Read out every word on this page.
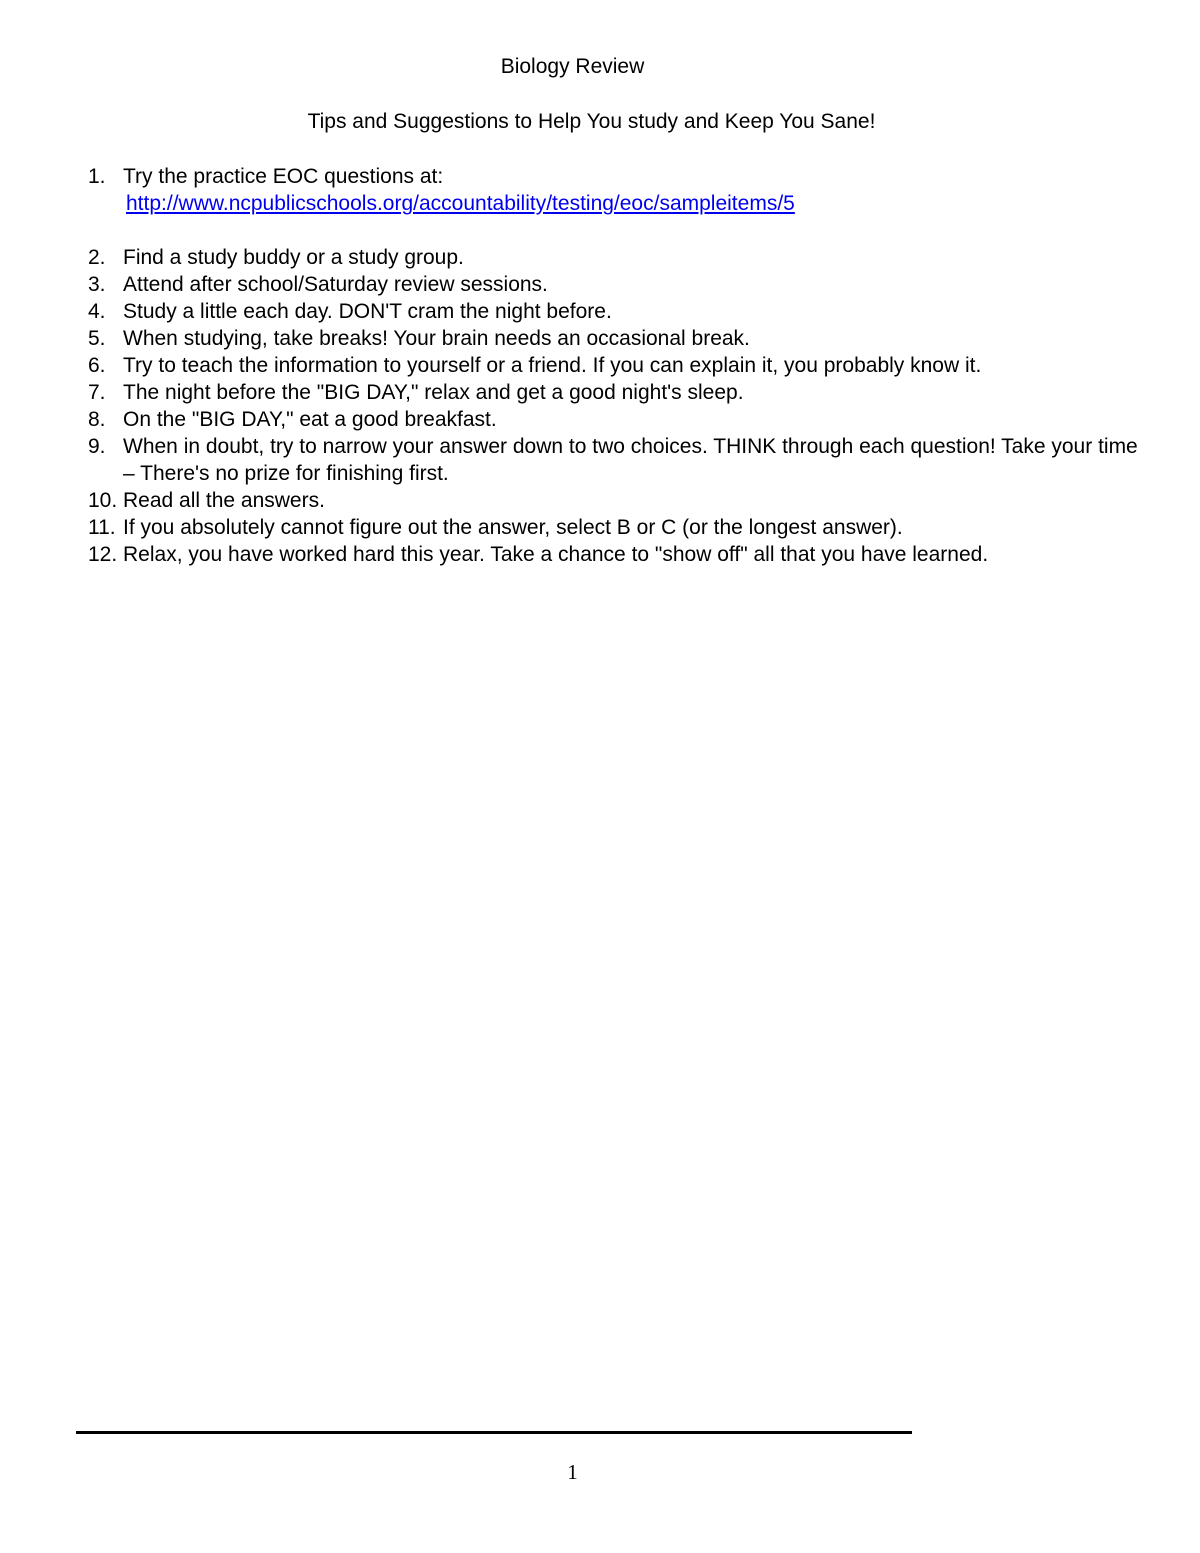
Biology Review
Tips and Suggestions to Help You study and Keep You Sane!
1. Try the practice EOC questions at:
http://www.ncpublicschools.org/accountability/testing/eoc/sampleitems/5
2. Find a study buddy or a study group.
3. Attend after school/Saturday review sessions.
4. Study a little each day. DON'T cram the night before.
5. When studying, take breaks! Your brain needs an occasional break.
6. Try to teach the information to yourself or a friend. If you can explain it, you probably know it.
7. The night before the "BIG DAY," relax and get a good night's sleep.
8. On the "BIG DAY," eat a good breakfast.
9. When in doubt, try to narrow your answer down to two choices. THINK through each question! Take your time – There's no prize for finishing first.
10. Read all the answers.
11. If you absolutely cannot figure out the answer, select B or C (or the longest answer).
12. Relax, you have worked hard this year. Take a chance to "show off" all that you have learned.
1
